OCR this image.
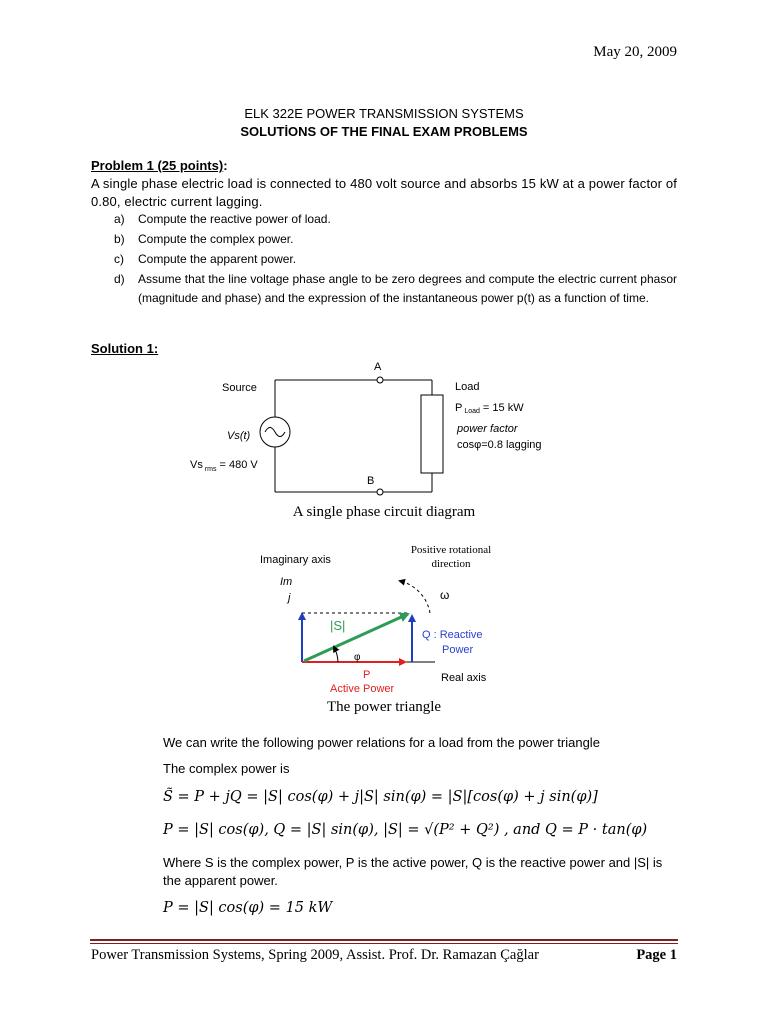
May 20, 2009
ELK 322E POWER TRANSMISSION SYSTEMS
SOLUTİONS OF THE FINAL EXAM PROBLEMS
Problem 1 (25 points):
A single phase electric load is connected to 480 volt source and absorbs 15 kW at a power factor of 0.80, electric current lagging.
a) Compute the reactive power of load.
b) Compute the complex power.
c) Compute the apparent power.
d) Assume that the line voltage phase angle to be zero degrees and compute the electric current phasor (magnitude and phase) and the expression of the instantaneous power p(t) as a function of time.
Solution 1:
A
B
Source
Vs(t)
Vs $_{rms}$ = 480 V
Load
P Load = 15 kW
power factor
cosφ=0.8 lagging
A single phase circuit diagram
Imaginary axis
Im
j
Positive rotational
direction
ω
|S|
φ
Q : Reactive
Power
P
Active Power
Real axis
The power triangle
We can write the following power relations for a load from the power triangle
The complex power is
S̃ = P + jQ = |S| cos(φ) + j|S| sin(φ) = |S|[cos(φ) + j sin(φ)]
P = |S| cos(φ), Q = |S| sin(φ), |S| = √(P² + Q²) , and Q = P · tan(φ)
Where S is the complex power, P is the active power, Q is the reactive power and |S| is the apparent power.
P = |S| cos(φ) = 15 kW
Power Transmission Systems, Spring 2009, Assist. Prof. Dr. Ramazan Çağlar	Page 1
